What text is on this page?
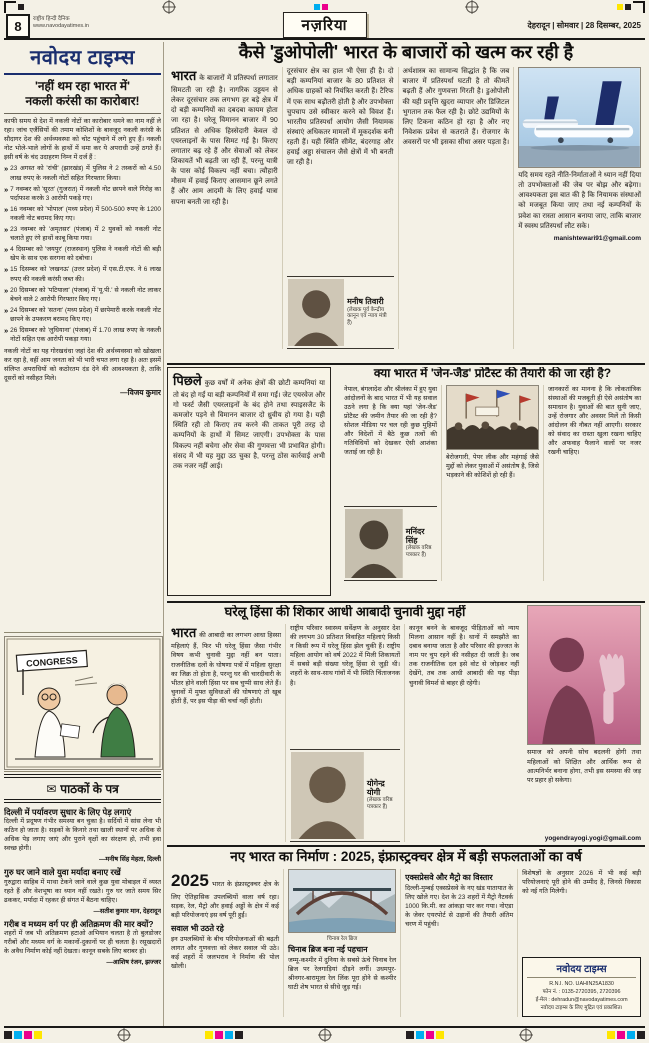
8	राष्ट्रीय हिन्दी दैनिक
www.navodayatimes.in	नज़रिया	देहरादून | सोमवार | 28 दिसम्बर, 2025
नवोदय टाइम्स
'नहीं थम रहा भारत में'
नकली करंसी का कारोबार!
काफी समय से देश में नकली नोटों का कारोबार थमने का नाम नहीं ले रहा। जांच एजैंसियों की तमाम कोशिशों के बावजूद नकली करंसी के सौदागर देश की अर्थव्यवस्था को चोट पहुंचाने में लगे हुए हैं। नकली नोट भोले-भाले लोगों के हाथों में थमा कर ये अपराधी उन्हें ठगते हैं। इसी वर्ष के चंद उदाहरण निम्न में दर्ज हैं :
» 23 अगस्त को 'रांची' (झारखंड) में पुलिस ने 2 तस्करों को 4.50 लाख रुपए के नकली नोटों सहित गिरफ्तार किया।
» 7 नवम्बर को 'सूरत' (गुजरात) में नकली नोट छापने वाले गिरोह का पर्दाफाश करके 3 आरोपी पकड़े गए।
» 16 नवम्बर को 'भोपाल' (मध्य प्रदेश) में 500-500 रुपए के 1200 नकली नोट बरामद किए गए।
» 23 नवम्बर को 'अमृतसर' (पंजाब) में 2 युवकों को नकली नोट चलाते हुए रंगे हाथों काबू किया गया।
» 4 दिसम्बर को 'जयपुर' (राजस्थान) पुलिस ने नकली नोटों की बड़ी खेप के साथ एक सरगना को दबोचा।
» 15 दिसम्बर को 'लखनऊ' (उत्तर प्रदेश) में एस.टी.एफ. ने 6 लाख रुपए की नकली करंसी जब्त की।
» 20 दिसम्बर को 'पटियाला' (पंजाब) में 'यू.पी.' से नकली नोट लाकर बेचने वाले 2 आरोपी गिरफ्तार किए गए।
» 24 दिसम्बर को 'सतना' (मध्य प्रदेश) में छापेमारी करके नकली नोट छापने के उपकरण बरामद किए गए।
» 26 दिसम्बर को 'लुधियाना' (पंजाब) में 1.70 लाख रुपए के नकली नोटों सहित एक आरोपी पकड़ा गया।
नकली नोटों का यह गोरखधंधा जहां देश की अर्थव्यवस्था को खोखला कर रहा है, वहीं आम जनता को भी भारी चपत लगा रहा है। अतः इसमें संलिप्त अपराधियों को कठोरतम दंड देने की आवश्यकता है, ताकि दूसरों को नसीहत मिले।
—विजय कुमार
कैसे 'डुओपोली' भारत के बाजारों को खत्म कर रही है
भारत के बाजारों में प्रतिस्पर्धा लगातार सिमटती जा रही है। नागरिक उड्डयन से लेकर दूरसंचार तक लगभग हर बड़े क्षेत्र में दो बड़ी कम्पनियों का दबदबा कायम होता जा रहा है। घरेलू विमानन बाजार में 90 प्रतिशत से अधिक हिस्सेदारी केवल दो एयरलाइनों के पास सिमट गई है। किराए लगातार बढ़ रहे हैं और सेवाओं को लेकर शिकायतें भी बढ़ती जा रही हैं, परन्तु यात्री के पास कोई विकल्प नहीं बचा। त्यौहारी मौसम में हवाई किराए आसमान छूने लगते हैं और आम आदमी के लिए हवाई यात्रा सपना बनती जा रही है।
दूरसंचार क्षेत्र का हाल भी ऐसा ही है। दो बड़ी कम्पनियां बाजार के 80 प्रतिशत से अधिक ग्राहकों को नियंत्रित करती हैं। टैरिफ में एक साथ बढ़ौतरी होती है और उपभोक्ता चुपचाप उसे स्वीकार करने को विवश हैं। भारतीय प्रतिस्पर्धा आयोग जैसी नियामक संस्थाएं अधिकतर मामलों में मूकदर्शक बनी रहती हैं। यही स्थिति सीमेंट, बंदरगाह और हवाई अड्डा संचालन जैसे क्षेत्रों में भी बनती जा रही है।
मनीष तिवारी
(लेखक पूर्व केन्द्रीय कानून एवं न्याय मंत्री हैं)
अर्थशास्त्र का सामान्य सिद्धांत है कि जब बाजार में प्रतिस्पर्धा घटती है तो कीमतें बढ़ती हैं और गुणवत्ता गिरती है। डुओपोली की यही प्रवृत्ति खुदरा व्यापार और डिजिटल भुगतान तक फैल रही है। छोटे उद्यमियों के लिए टिकना कठिन हो रहा है और नए निवेशक प्रवेश से कतराते हैं। रोजगार के अवसरों पर भी इसका सीधा असर पड़ता है।
यदि समय रहते नीति-निर्माताओं ने ध्यान नहीं दिया तो उपभोक्ताओं की जेब पर बोझ और बढ़ेगा। आवश्यकता इस बात की है कि नियामक संस्थाओं को मजबूत किया जाए तथा नई कम्पनियों के प्रवेश का रास्ता आसान बनाया जाए, ताकि बाजार में स्वस्थ प्रतिस्पर्धा लौट सके।
manishtewari91@gmail.com
पिछले कुछ वर्षों में अनेक क्षेत्रों की छोटी कम्पनियां या तो बंद हो गईं या बड़ी कम्पनियों में समा गईं। जेट एयरवेज और गो फर्स्ट जैसी एयरलाइनों के बंद होने तथा स्पाइसजैट के कमजोर पड़ने से विमानन बाजार दो ध्रुवीय हो गया है। यही स्थिति रही तो किराए तय करने की ताकत पूरी तरह दो कम्पनियों के हाथों में सिमट जाएगी। उपभोक्ता के पास विकल्प नहीं बचेगा और सेवा की गुणवत्ता भी प्रभावित होगी। संसद में भी यह मुद्दा उठ चुका है, परन्तु ठोस कार्रवाई अभी तक नजर नहीं आई।
क्या भारत में 'जेन-जैड' प्रोटैस्ट की तैयारी की जा रही है?
नेपाल, बंगलादेश और श्रीलंका में हुए युवा आंदोलनों के बाद भारत में भी यह सवाल उठने लगा है कि क्या यहां 'जेन-जैड' प्रोटैस्ट की जमीन तैयार की जा रही है? सोशल मीडिया पर चल रही कुछ मुहिमों और विदेशों में बैठे कुछ तत्वों की गतिविधियों को देखकर ऐसी आशंका जताई जा रही है।
मनिंदर सिंह
(लेखक वरिष्ठ पत्रकार हैं)
बेरोजगारी, पेपर लीक और महंगाई जैसे मुद्दों को लेकर युवाओं में असंतोष है, जिसे भड़काने की कोशिशें हो रही हैं।
जानकारों का मानना है कि लोकतांत्रिक संस्थाओं की मजबूती ही ऐसे असंतोष का समाधान है। युवाओं की बात सुनी जाए, उन्हें रोजगार और अवसर मिलें तो किसी आंदोलन की नौबत नहीं आएगी। सरकार को संवाद का रास्ता खुला रखना चाहिए और अफवाह फैलाने वालों पर नजर रखनी चाहिए।
घरेलू हिंसा की शिकार आधी आबादी चुनावी मुद्दा नहीं
भारत की आबादी का लगभग आधा हिस्सा महिलाएं हैं, फिर भी घरेलू हिंसा जैसा गंभीर विषय कभी चुनावी मुद्दा नहीं बन पाता। राजनीतिक दलों के घोषणा पत्रों में महिला सुरक्षा का जिक्र तो होता है, परन्तु घर की चारदीवारी के भीतर होने वाली हिंसा पर सब चुप्पी साध लेते हैं। चुनावों में मुफ्त सुविधाओं की घोषणाएं तो खूब होती हैं, पर इस पीड़ा की चर्चा नहीं होती।
राष्ट्रीय परिवार स्वास्थ्य सर्वेक्षण के अनुसार देश की लगभग 30 प्रतिशत विवाहित महिलाएं किसी न किसी रूप में घरेलू हिंसा झेल चुकी हैं। राष्ट्रीय महिला आयोग को वर्ष 2022 में मिली शिकायतों में सबसे बड़ी संख्या घरेलू हिंसा से जुड़ी थी। शहरों के साथ-साथ गांवों में भी स्थिति चिंताजनक है।
योगेन्द्र योगी
(लेखक वरिष्ठ पत्रकार हैं)
कानून बनने के बावजूद पीड़िताओं को न्याय मिलना आसान नहीं है। थानों में समझौते का दबाव बनाया जाता है और परिवार की इज्जत के नाम पर चुप रहने की नसीहत दी जाती है। जब तक राजनीतिक दल इसे वोट से जोड़कर नहीं देखेंगे, तब तक आधी आबादी की यह पीड़ा चुनावी विमर्श से बाहर ही रहेगी।
समाज को अपनी सोच बदलनी होगी तथा महिलाओं को शिक्षित और आर्थिक रूप से आत्मनिर्भर बनाना होगा, तभी इस समस्या की जड़ पर प्रहार हो सकेगा।
yogendrayogi.yogi@gmail.com
नए भारत का निर्माण : 2025, इंफ्रास्ट्रक्चर क्षेत्र में बड़ी सफलताओं का वर्ष
2025 भारत के इंफ्रास्ट्रक्चर क्षेत्र के लिए ऐतिहासिक उपलब्धियों वाला वर्ष रहा। सड़क, रेल, मैट्रो और हवाई अड्डों के क्षेत्र में कई बड़ी परियोजनाएं इस वर्ष पूरी हुईं।
सवाल भी उठते रहे
इन उपलब्धियों के बीच परियोजनाओं की बढ़ती लागत और गुणवत्ता को लेकर सवाल भी उठे। कई शहरों में जलभराव ने निर्माण की पोल खोली।
चिनाब रेल ब्रिज
चिनाब ब्रिज बना नई पहचान
जम्मू-कश्मीर में दुनिया के सबसे ऊंचे चिनाब रेल ब्रिज पर रेलगाड़ियां दौड़ने लगीं। उधमपुर-श्रीनगर-बारामूला रेल लिंक पूरा होने से कश्मीर घाटी शेष भारत से सीधे जुड़ गई।
एक्सप्रेसवे और मैट्रो का विस्तार
दिल्ली-मुम्बई एक्सप्रेसवे के नए खंड यातायात के लिए खोले गए। देश के 23 शहरों में मैट्रो नैटवर्क 1000 कि.मी. का आंकड़ा पार कर गया। नोएडा के जेवर एयरपोर्ट से उड़ानों की तैयारी अंतिम चरण में पहुंची।
विशेषज्ञों के अनुसार 2026 में भी कई बड़ी परियोजनाएं पूरी होने की उम्मीद है, जिनसे विकास को नई गति मिलेगी।
नवोदय टाइम्स
R.N.I. NO. UAHIN25A1830
फोन नं. : 0135-2720395, 2720396
ई-मेल : dehradun@navodayatimes.com
नवोदय टाइम्स के लिए मुद्रित एवं प्रकाशित।
CONGRESS
✉ पाठकों के पत्र
दिल्ली में पर्यावरण सुधार के लिए पेड़ लगाएं
दिल्ली में प्रदूषण गंभीर समस्या बन चुका है। सर्दियों में सांस लेना भी कठिन हो जाता है। सड़कों के किनारे तथा खाली स्थानों पर अधिक से अधिक पेड़ लगाए जाएं और पुराने वृक्षों का संरक्षण हो, तभी हवा स्वच्छ होगी।
—मनीष सिंह मेहता, दिल्ली
गुरु घर जाने वाले युवा मर्यादा बनाए रखें
गुरुद्वारा साहिब में माथा टेकने जाने वाले कुछ युवा मोबाइल में व्यस्त रहते हैं और वेशभूषा का ध्यान नहीं रखते। गुरु घर जाते समय सिर ढककर, मर्यादा में रहकर ही संगत में बैठना चाहिए।
—सतीश कुमार मान, देहरादून
गरीब व मध्यम वर्ग पर ही अतिक्रमण की मार क्यों?
शहरों में जब भी अतिक्रमण हटाओ अभियान चलता है तो बुलडोजर गरीबों और मध्यम वर्ग के मकानों-दुकानों पर ही चलता है। रसूखदारों के अवैध निर्माण कोई नहीं देखता। कानून सबके लिए बराबर हो।
—आशिष रंजन, झज्जर
